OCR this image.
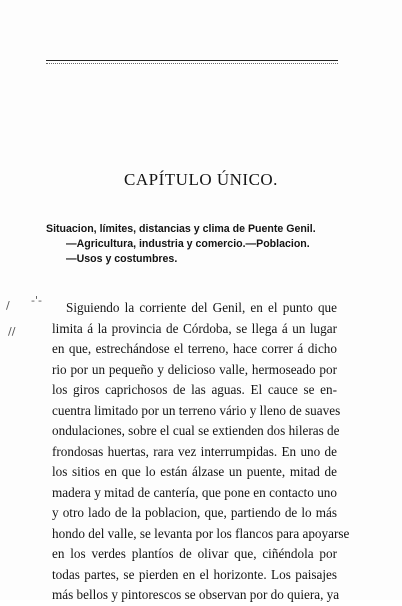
/
//
-'-
CAPÍTULO ÚNICO.
Situacion, límites, distancias y clima de Puente Genil.
—Agricultura, industria y comercio.—Poblacion.
—Usos y costumbres.
Siguiendo la corriente del Genil, en el punto que
limita á la provincia de Córdoba, se llega á un lugar
en que, estrechándose el terreno, hace correr á dicho
rio por un pequeño y delicioso valle, hermoseado por
los giros caprichosos de las aguas. El cauce se en-
cuentra limitado por un terreno vário y lleno de suaves
ondulaciones, sobre el cual se extienden dos hileras de
frondosas huertas, rara vez interrumpidas. En uno de
los sitios en que lo están álzase un puente, mitad de
madera y mitad de cantería, que pone en contacto uno
y otro lado de la poblacion, que, partiendo de lo más
hondo del valle, se levanta por los flancos para apoyarse
en los verdes plantíos de olivar que, ciñéndola por
todas partes, se pierden en el horizonte. Los paisajes
más bellos y pintorescos se observan por do quiera, ya
